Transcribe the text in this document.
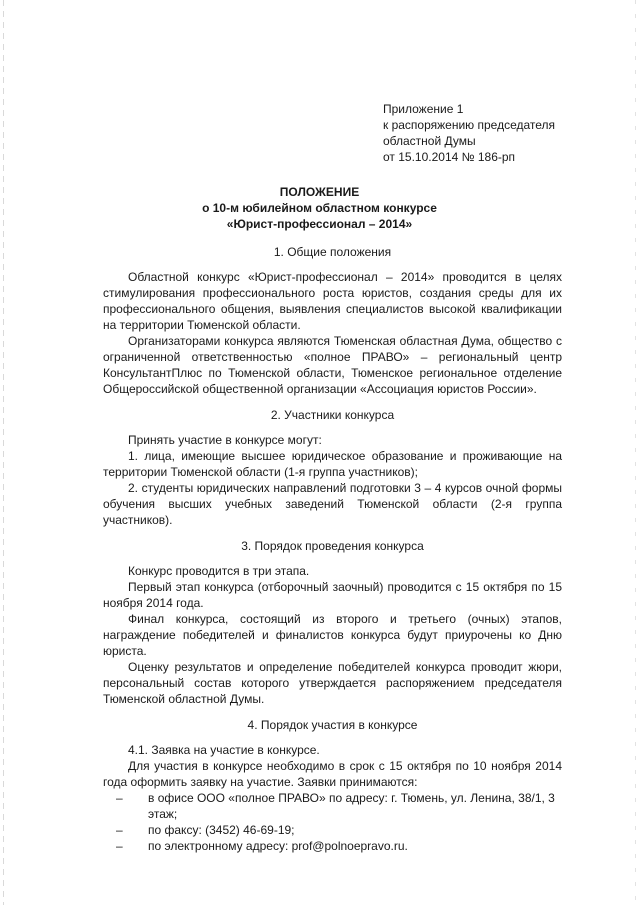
Приложение 1
к распоряжению председателя
областной Думы
от 15.10.2014 № 186-рп
ПОЛОЖЕНИЕ
о 10-м юбилейном областном конкурсе
«Юрист-профессионал – 2014»
1. Общие положения

Областной конкурс «Юрист-профессионал – 2014» проводится в целях стимулирования профессионального роста юристов, создания среды для их профессионального общения, выявления специалистов высокой квалификации на территории Тюменской области.

Организаторами конкурса являются Тюменская областная Дума, общество с ограниченной ответственностью «полное ПРАВО» – региональный центр КонсультантПлюс по Тюменской области, Тюменское региональное отделение Общероссийской общественной организации «Ассоциация юристов России».

2. Участники конкурса

Принять участие в конкурсе могут:

1. лица, имеющие высшее юридическое образование и проживающие на территории Тюменской области (1-я группа участников);

2. студенты юридических направлений подготовки 3 – 4 курсов очной формы обучения высших учебных заведений Тюменской области (2-я группа участников).

3. Порядок проведения конкурса

Конкурс проводится в три этапа.

Первый этап конкурса (отборочный заочный) проводится с 15 октября по 15 ноября 2014 года.

Финал конкурса, состоящий из второго и третьего (очных) этапов, награждение победителей и финалистов конкурса будут приурочены ко Дню юриста.

Оценку результатов и определение победителей конкурса проводит жюри, персональный состав которого утверждается распоряжением председателя Тюменской областной Думы.

4. Порядок участия в конкурсе

4.1. Заявка на участие в конкурсе.

Для участия в конкурсе необходимо в срок с 15 октября по 10 ноября 2014 года оформить заявку на участие. Заявки принимаются:

– в офисе ООО «полное ПРАВО» по адресу: г. Тюмень, ул. Ленина, 38/1, 3 этаж;
– по факсу: (3452) 46-69-19;
– по электронному адресу: prof@polnoepravo.ru.
